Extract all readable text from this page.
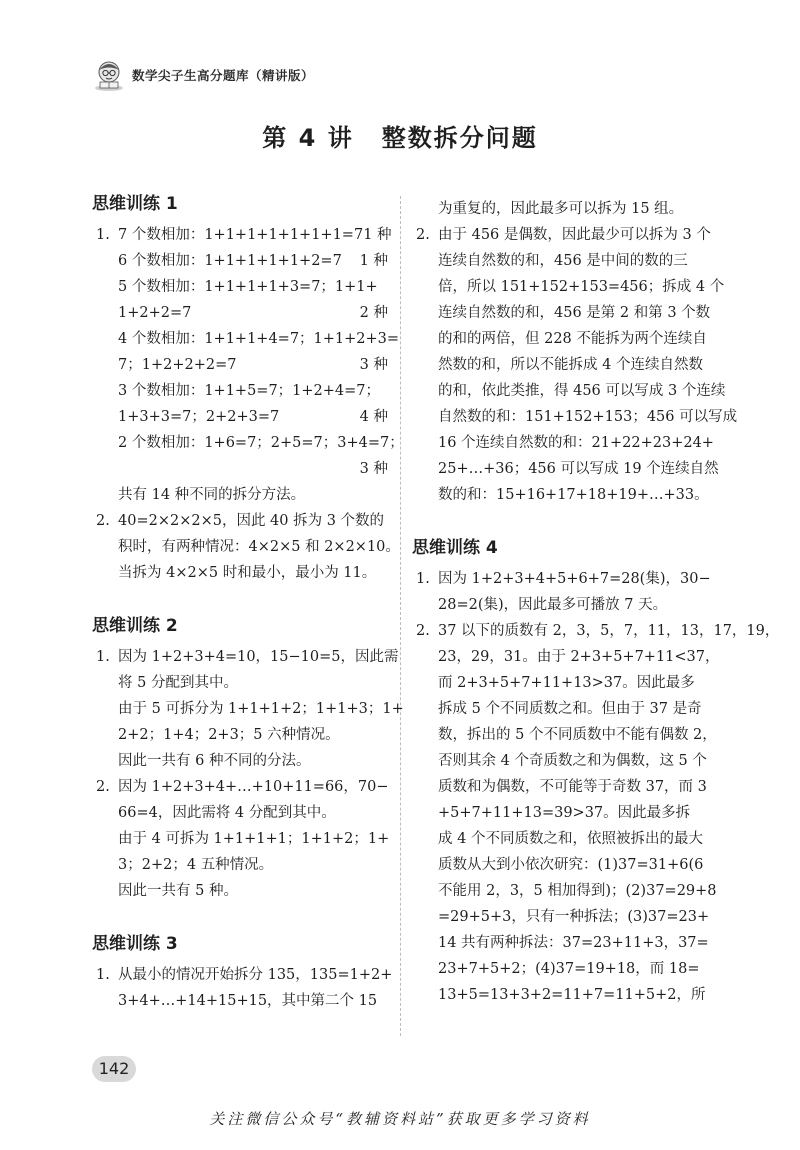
数学尖子生高分题库（精讲版）
第 4 讲 整数拆分问题
思维训练 1
1. 7 个数相加：1+1+1+1+1+1+1=7 1 种
6 个数相加：1+1+1+1+1+2=7 1 种
5 个数相加：1+1+1+1+3=7；1+1+
1+2+2=7	2 种
4 个数相加：1+1+1+4=7；1+1+2+3=
7；1+2+2+2=7	3 种
3 个数相加：1+1+5=7；1+2+4=7；
1+3+3=7；2+2+3=7	4 种
2 个数相加：1+6=7；2+5=7；3+4=7；
3 种
共有 14 种不同的拆分方法。
2. 40=2×2×2×5，因此 40 拆为 3 个数的
积时，有两种情况：4×2×5 和 2×2×10。
当拆为 4×2×5 时和最小，最小为 11。
思维训练 2
1. 因为 1+2+3+4=10，15−10=5，因此需
将 5 分配到其中。
由于 5 可拆分为 1+1+1+2；1+1+3；1+
2+2；1+4；2+3；5 六种情况。
因此一共有 6 种不同的分法。
2. 因为 1+2+3+4+…+10+11=66，70−
66=4，因此需将 4 分配到其中。
由于 4 可拆为 1+1+1+1；1+1+2；1+
3；2+2；4 五种情况。
因此一共有 5 种。
思维训练 3
1. 从最小的情况开始拆分 135，135=1+2+
3+4+…+14+15+15，其中第二个 15
为重复的，因此最多可以拆为 15 组。
2. 由于 456 是偶数，因此最少可以拆为 3 个
连续自然数的和，456 是中间的数的三
倍，所以 151+152+153=456；拆成 4 个
连续自然数的和，456 是第 2 和第 3 个数
的和的两倍，但 228 不能拆为两个连续自
然数的和，所以不能拆成 4 个连续自然数
的和，依此类推，得 456 可以写成 3 个连续
自然数的和：151+152+153；456 可以写成
16 个连续自然数的和：21+22+23+24+
25+…+36；456 可以写成 19 个连续自然
数的和：15+16+17+18+19+…+33。
思维训练 4
1. 因为 1+2+3+4+5+6+7=28(集)，30−
28=2(集)，因此最多可播放 7 天。
2. 37 以下的质数有 2，3，5，7，11，13，17，19，
23，29，31。由于 2+3+5+7+11<37，
而 2+3+5+7+11+13>37。因此最多
拆成 5 个不同质数之和。但由于 37 是奇
数，拆出的 5 个不同质数中不能有偶数 2，
否则其余 4 个奇质数之和为偶数，这 5 个
质数和为偶数，不可能等于奇数 37，而 3
+5+7+11+13=39>37。因此最多拆
成 4 个不同质数之和，依照被拆出的最大
质数从大到小依次研究：(1)37=31+6(6
不能用 2，3，5 相加得到)；(2)37=29+8
=29+5+3，只有一种拆法；(3)37=23+
14 共有两种拆法：37=23+11+3，37=
23+7+5+2；(4)37=19+18，而 18=
13+5=13+3+2=11+7=11+5+2，所
142
关注微信公众号“教辅资料站”获取更多学习资料
